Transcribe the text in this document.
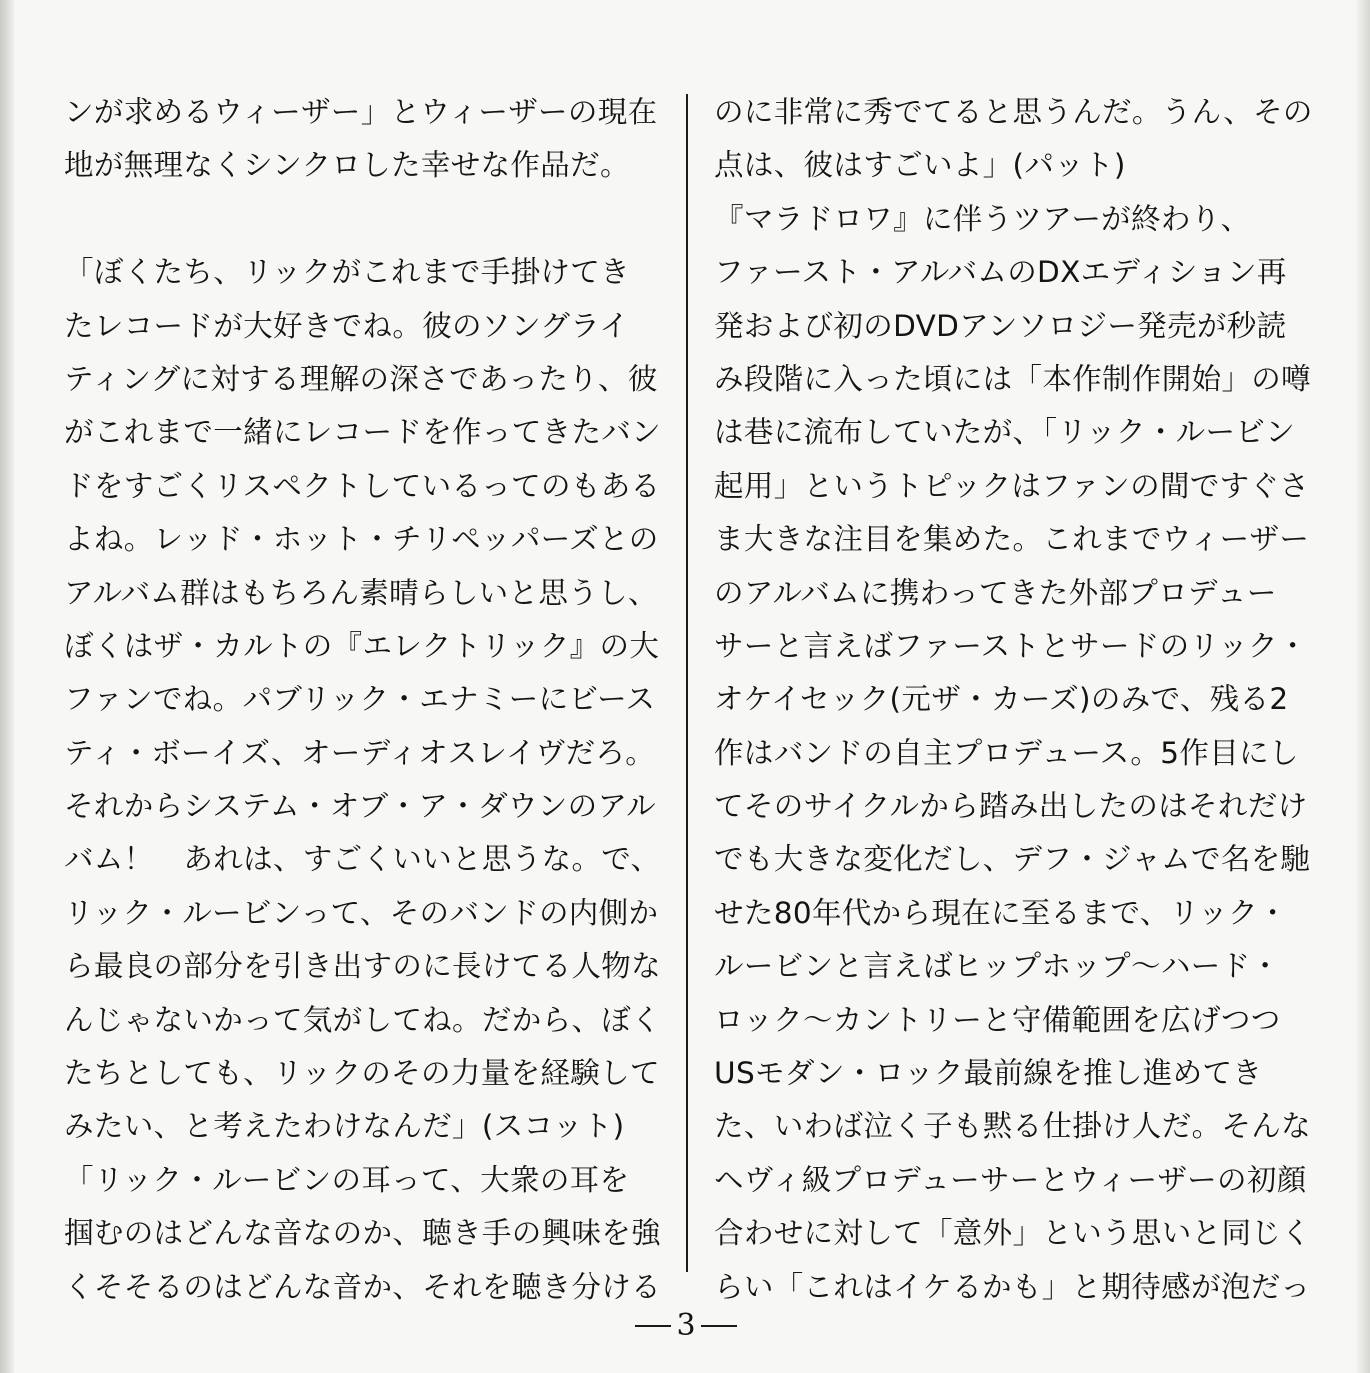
ンが求めるウィーザー」とウィーザーの現在
地が無理なくシンクロした幸せな作品だ。
「ぼくたち、リックがこれまで手掛けてき
たレコードが大好きでね。彼のソングライ
ティングに対する理解の深さであったり、彼
がこれまで一緒にレコードを作ってきたバン
ドをすごくリスペクトしているってのもある
よね。レッド・ホット・チリペッパーズとの
アルバム群はもちろん素晴らしいと思うし、
ぼくはザ・カルトの『エレクトリック』の大
ファンでね。パブリック・エナミーにビース
ティ・ボーイズ、オーディオスレイヴだろ。
それからシステム・オブ・ア・ダウンのアル
バム！　あれは、すごくいいと思うな。で、
リック・ルービンって、そのバンドの内側か
ら最良の部分を引き出すのに長けてる人物な
んじゃないかって気がしてね。だから、ぼく
たちとしても、リックのその力量を経験して
みたい、と考えたわけなんだ」(スコット)
「リック・ルービンの耳って、大衆の耳を
掴むのはどんな音なのか、聴き手の興味を強
くそそるのはどんな音か、それを聴き分ける
のに非常に秀でてると思うんだ。うん、その
点は、彼はすごいよ」(パット)
『マラドロワ』に伴うツアーが終わり、
ファースト・アルバムのDXエディション再
発および初のDVDアンソロジー発売が秒読
み段階に入った頃には「本作制作開始」の噂
は巷に流布していたが、「リック・ルービン
起用」というトピックはファンの間ですぐさ
ま大きな注目を集めた。これまでウィーザー
のアルバムに携わってきた外部プロデュー
サーと言えばファーストとサードのリック・
オケイセック(元ザ・カーズ)のみで、残る2
作はバンドの自主プロデュース。5作目にし
てそのサイクルから踏み出したのはそれだけ
でも大きな変化だし、デフ・ジャムで名を馳
せた80年代から現在に至るまで、リック・
ルービンと言えばヒップホップ～ハード・
ロック～カントリーと守備範囲を広げつつ
USモダン・ロック最前線を推し進めてき
た、いわば泣く子も黙る仕掛け人だ。そんな
ヘヴィ級プロデューサーとウィーザーの初顔
合わせに対して「意外」という思いと同じく
らい「これはイケるかも」と期待感が泡だっ
3
